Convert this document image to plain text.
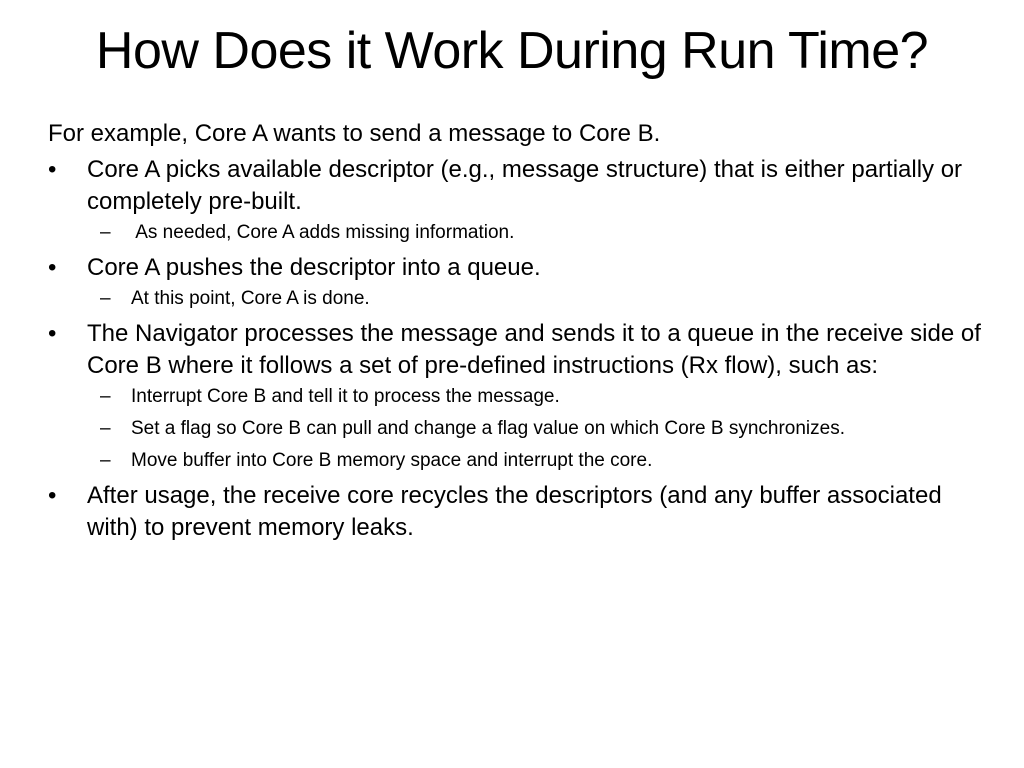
How Does it Work During Run Time?
For example, Core A wants to send a message to Core B.
•	Core A picks available descriptor (e.g., message structure) that is either partially or completely pre-built.
– As needed, Core A adds missing information.
•	Core A pushes the descriptor into a queue.
– At this point, Core A is done.
•	The Navigator processes the message and sends it to a queue in the receive side of Core B where it follows a set of pre-defined instructions (Rx flow), such as:
– Interrupt Core B and tell it to process the message.
– Set a flag so Core B can pull and change a flag value on which Core B synchronizes.
– Move buffer into Core B memory space and interrupt the core.
•	After usage, the receive core recycles the descriptors (and any buffer associated with) to prevent memory leaks.
